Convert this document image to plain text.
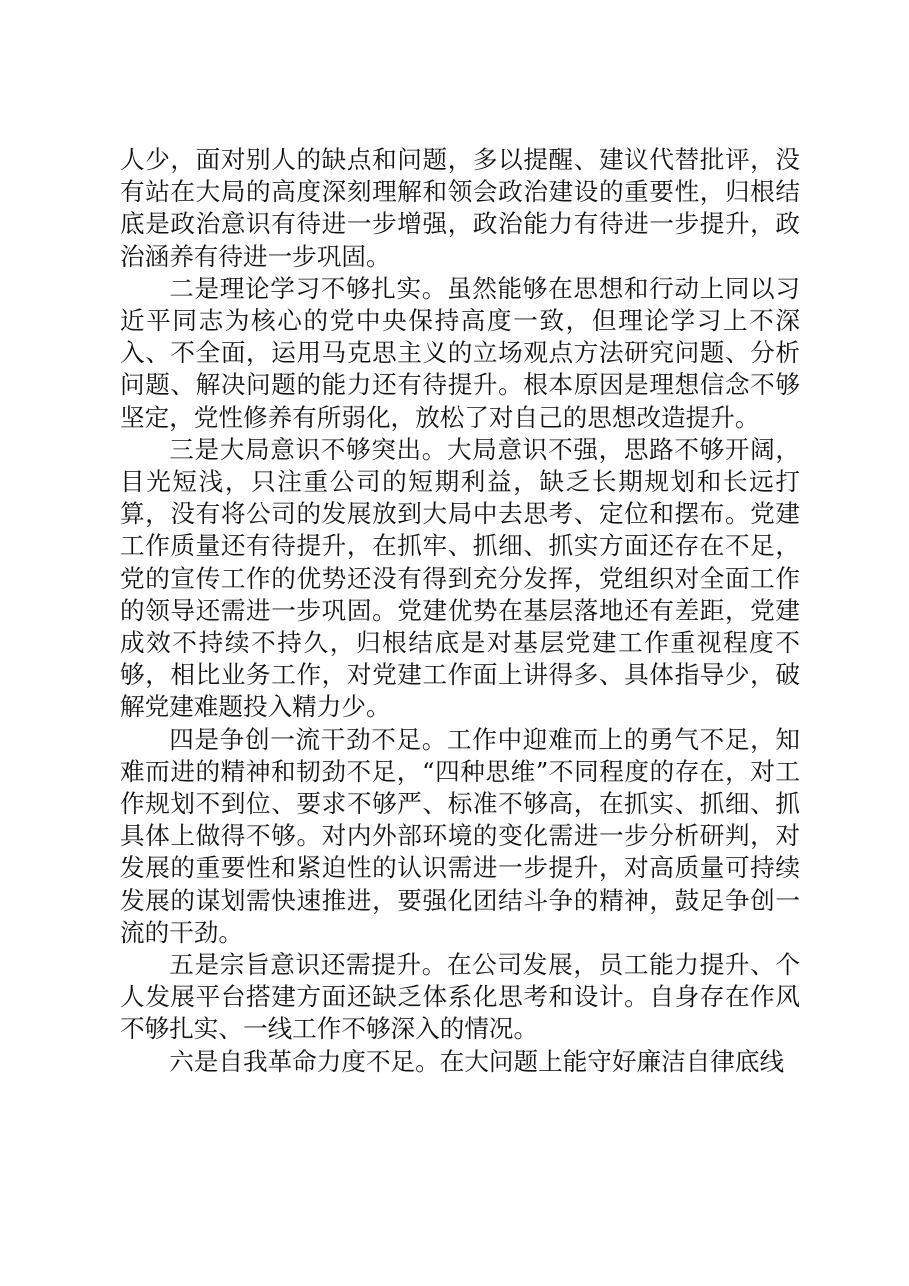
人少，面对别人的缺点和问题，多以提醒、建议代替批评，没有站在大局的高度深刻理解和领会政治建设的重要性，归根结底是政治意识有待进一步增强，政治能力有待进一步提升，政治涵养有待进一步巩固。

二是理论学习不够扎实。虽然能够在思想和行动上同以习近平同志为核心的党中央保持高度一致，但理论学习上不深入、不全面，运用马克思主义的立场观点方法研究问题、分析问题、解决问题的能力还有待提升。根本原因是理想信念不够坚定，党性修养有所弱化，放松了对自己的思想改造提升。

三是大局意识不够突出。大局意识不强，思路不够开阔，目光短浅，只注重公司的短期利益，缺乏长期规划和长远打算，没有将公司的发展放到大局中去思考、定位和摆布。党建工作质量还有待提升，在抓牢、抓细、抓实方面还存在不足，党的宣传工作的优势还没有得到充分发挥，党组织对全面工作的领导还需进一步巩固。党建优势在基层落地还有差距，党建成效不持续不持久，归根结底是对基层党建工作重视程度不够，相比业务工作，对党建工作面上讲得多、具体指导少，破解党建难题投入精力少。

四是争创一流干劲不足。工作中迎难而上的勇气不足，知难而进的精神和韧劲不足，“四种思维”不同程度的存在，对工作规划不到位、要求不够严、标准不够高，在抓实、抓细、抓具体上做得不够。对内外部环境的变化需进一步分析研判，对发展的重要性和紧迫性的认识需进一步提升，对高质量可持续发展的谋划需快速推进，要强化团结斗争的精神，鼓足争创一流的干劲。

五是宗旨意识还需提升。在公司发展，员工能力提升、个人发展平台搭建方面还缺乏体系化思考和设计。自身存在作风不够扎实、一线工作不够深入的情况。

六是自我革命力度不足。在大问题上能守好廉洁自律底线
